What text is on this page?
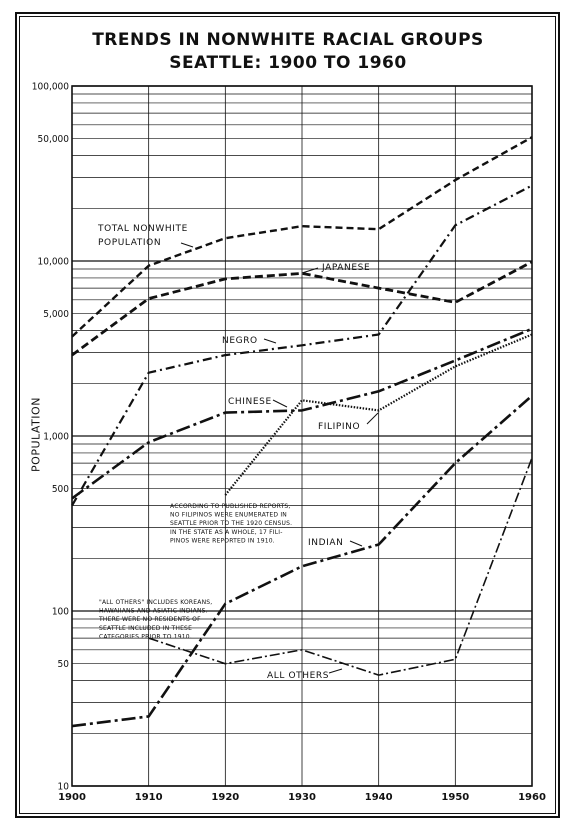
TRENDS IN NONWHITE RACIAL GROUPS
SEATTLE: 1900 TO 1960
POPULATION
10
50
100
500
1,000
5,000
10,000
50,000
100,000
1900	1910	1920	1930	1940	1950	1960
TOTAL NONWHITE
POPULATION
JAPANESE
NEGRO
CHINESE
FILIPINO
INDIAN
ALL OTHERS
ACCORDING TO PUBLISHED REPORTS,
NO FILIPINOS WERE ENUMERATED IN
SEATTLE PRIOR TO THE 1920 CENSUS.
IN THE STATE AS A WHOLE, 17 FILI-
PINOS WERE REPORTED IN 1910.
"ALL OTHERS" INCLUDES KOREANS,
HAWAIIANS AND ASIATIC INDIANS.
THERE WERE NO RESIDENTS OF
SEATTLE INCLUDED IN THESE
CATEGORIES PRIOR TO 1910.
